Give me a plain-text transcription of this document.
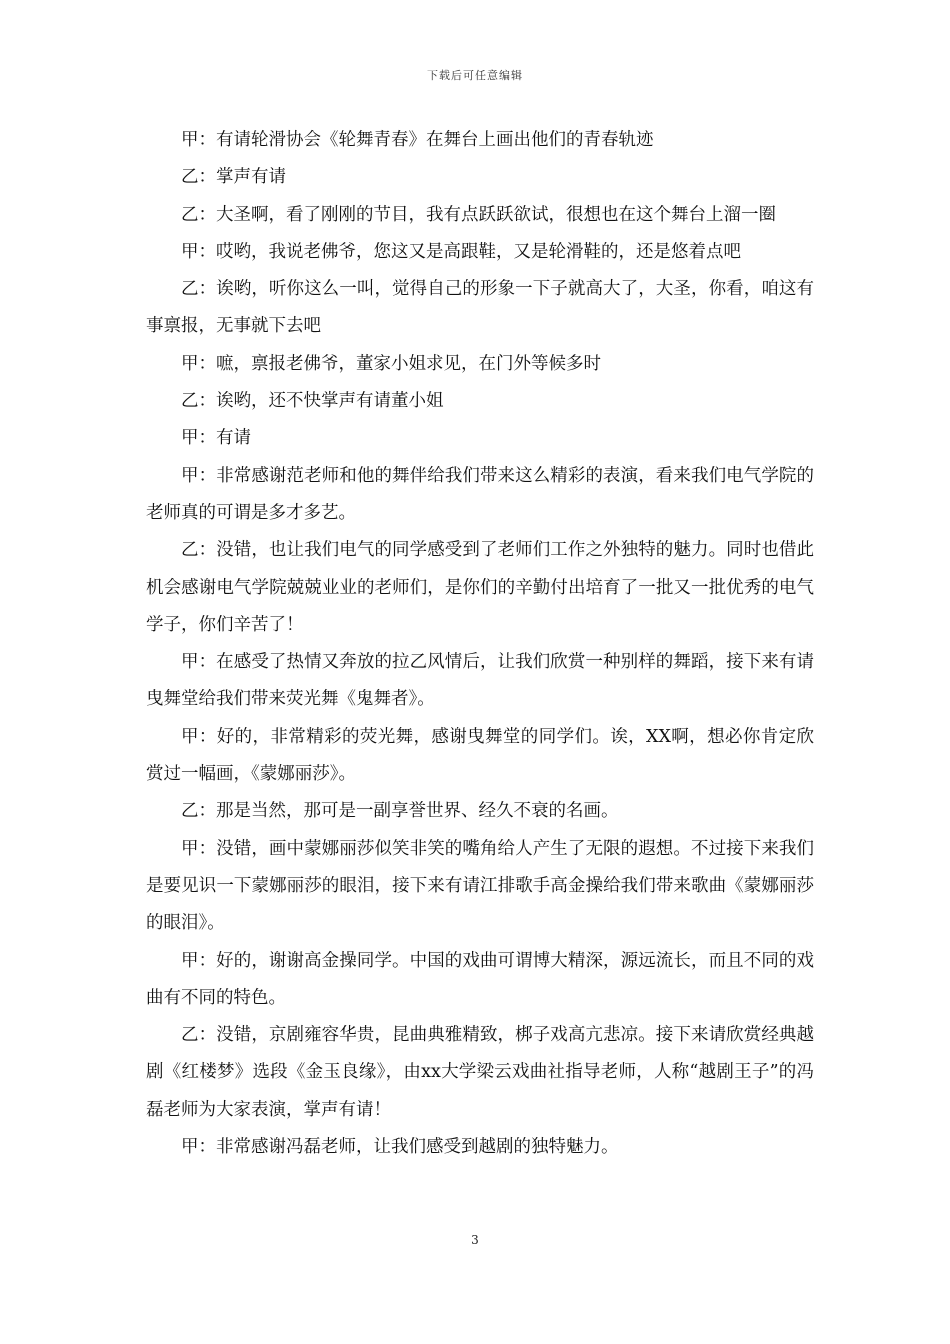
下载后可任意编辑

甲：有请轮滑协会《轮舞青春》在舞台上画出他们的青春轨迹

乙：掌声有请

乙：大圣啊，看了刚刚的节目，我有点跃跃欲试，很想也在这个舞台上溜一圈

甲：哎哟，我说老佛爷，您这又是高跟鞋，又是轮滑鞋的，还是悠着点吧

乙：诶哟，听你这么一叫，觉得自己的形象一下子就高大了，大圣，你看，咱这有事禀报，无事就下去吧

甲：嗻，禀报老佛爷，董家小姐求见，在门外等候多时

乙：诶哟，还不快掌声有请董小姐

甲：有请

甲：非常感谢范老师和他的舞伴给我们带来这么精彩的表演，看来我们电气学院的老师真的可谓是多才多艺。

乙：没错，也让我们电气的同学感受到了老师们工作之外独特的魅力。同时也借此机会感谢电气学院兢兢业业的老师们，是你们的辛勤付出培育了一批又一批优秀的电气学子，你们辛苦了！

甲：在感受了热情又奔放的拉乙风情后，让我们欣赏一种别样的舞蹈，接下来有请曳舞堂给我们带来荧光舞《鬼舞者》。

甲：好的，非常精彩的荧光舞，感谢曳舞堂的同学们。诶，XX啊，想必你肯定欣赏过一幅画，《蒙娜丽莎》。

乙：那是当然，那可是一副享誉世界、经久不衰的名画。

甲：没错，画中蒙娜丽莎似笑非笑的嘴角给人产生了无限的遐想。不过接下来我们是要见识一下蒙娜丽莎的眼泪，接下来有请江排歌手高金操给我们带来歌曲《蒙娜丽莎的眼泪》。

甲：好的，谢谢高金操同学。中国的戏曲可谓博大精深，源远流长，而且不同的戏曲有不同的特色。

乙：没错，京剧雍容华贵，昆曲典雅精致，梆子戏高亢悲凉。接下来请欣赏经典越剧《红楼梦》选段《金玉良缘》，由xx大学梁云戏曲社指导老师，人称“越剧王子”的冯磊老师为大家表演，掌声有请！

甲：非常感谢冯磊老师，让我们感受到越剧的独特魅力。

3
